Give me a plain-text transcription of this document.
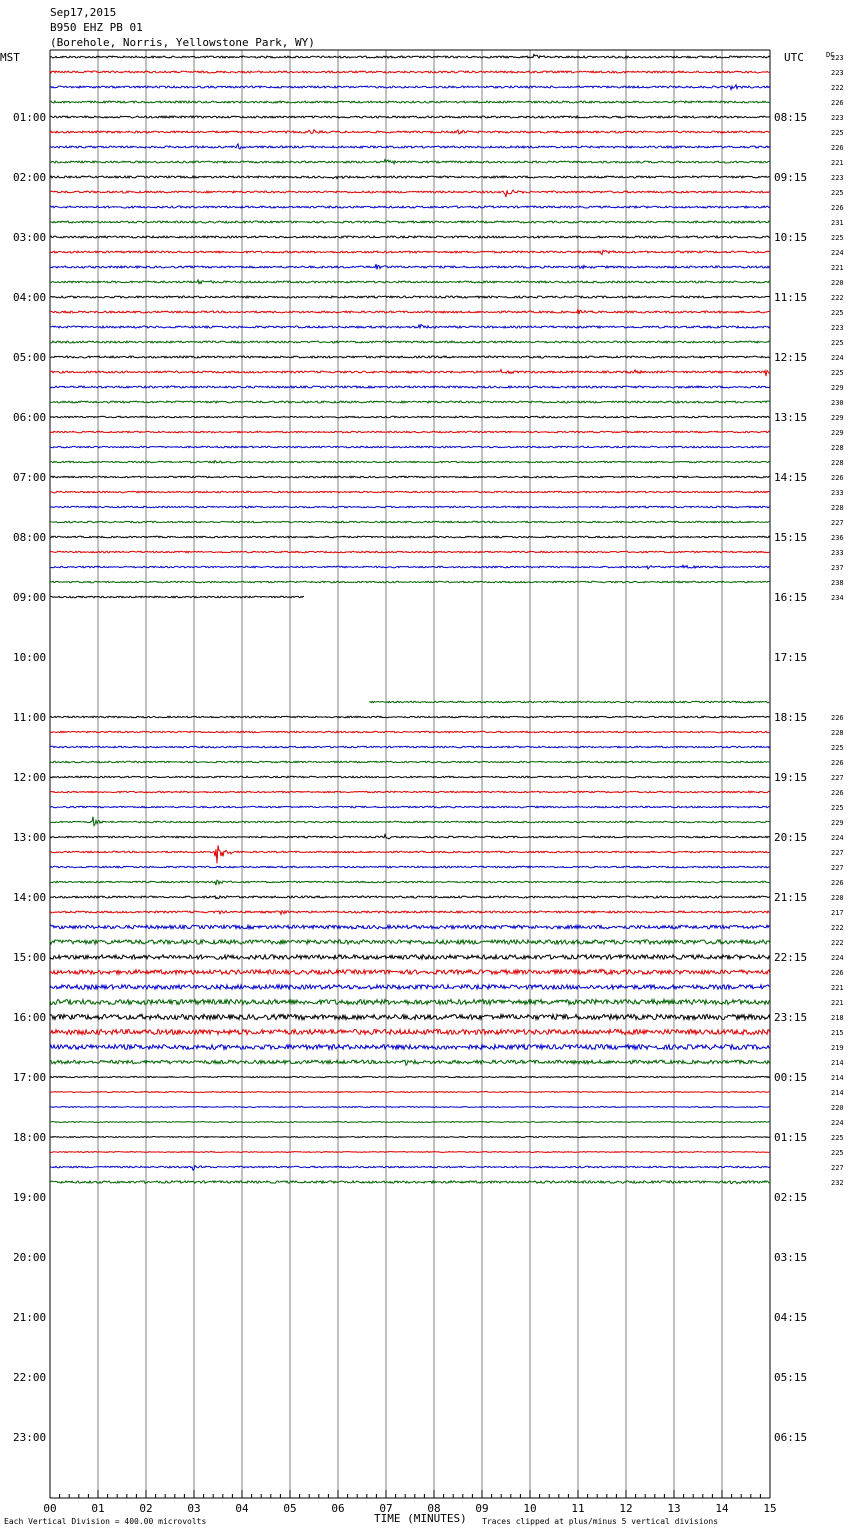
Sep17,2015
B950 EHZ PB 01
(Borehole, Norris, Yellowstone Park, WY)
MST	UTC	DC
01:00
02:00
03:00
04:00
05:00
06:00
07:00
08:00
09:00
10:00
11:00
12:00
13:00
14:00
15:00
16:00
17:00
18:00
19:00
20:00
21:00
22:00
23:00
08:15
09:15
10:15
11:15
12:15
13:15
14:15
15:15
16:15
17:15
18:15
19:15
20:15
21:15
22:15
23:15
00:15
01:15
02:15
03:15
04:15
05:15
06:15
223
223
222
226
223
225
226
221
223
225
226
231
225
224
221
220
222
225
223
225
224
225
229
230
229
229
228
228
226
233
228
227
236
233
237
238
234
226
228
225
226
227
226
225
229
224
227
227
226
220
217
222
222
224
226
221
221
218
215
219
214
214
214
220
224
225
225
227
232
00	01	02	03	04	05	06	07	08	09	10	11	12	13	14	15
Each Vertical Division = 400.00 microvolts	TIME (MINUTES) Traces clipped at plus/minus 5 vertical divisions
